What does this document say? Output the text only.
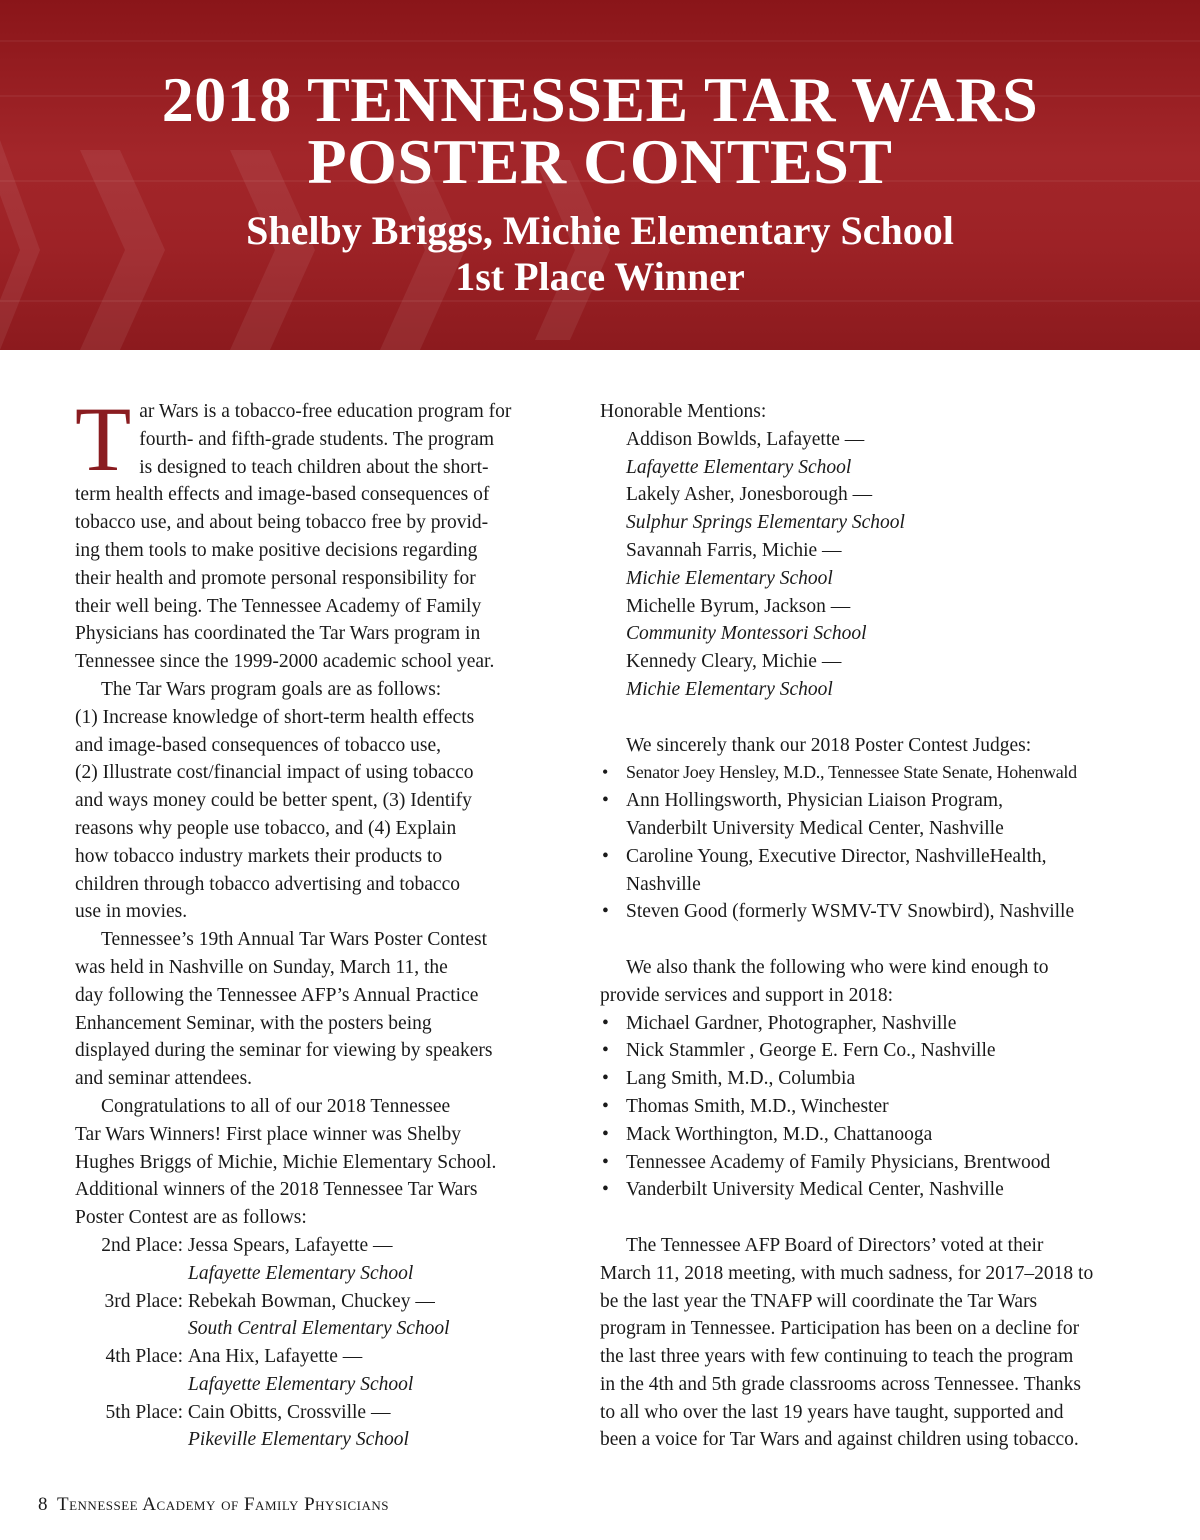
2018 TENNESSEE TAR WARS
POSTER CONTEST
Shelby Briggs, Michie Elementary School
1st Place Winner

T ar Wars is a tobacco-free education program for
fourth- and fifth-grade students. The program
is designed to teach children about the short-
term health effects and image-based consequences of
tobacco use, and about being tobacco free by provid-
ing them tools to make positive decisions regarding
their health and promote personal responsibility for
their well being. The Tennessee Academy of Family
Physicians has coordinated the Tar Wars program in
Tennessee since the 1999-2000 academic school year.

The Tar Wars program goals are as follows:
(1) Increase knowledge of short-term health effects
and image-based consequences of tobacco use,
(2) Illustrate cost/financial impact of using tobacco
and ways money could be better spent, (3) Identify
reasons why people use tobacco, and (4) Explain
how tobacco industry markets their products to
children through tobacco advertising and tobacco
use in movies.

Tennessee’s 19th Annual Tar Wars Poster Contest
was held in Nashville on Sunday, March 11, the
day following the Tennessee AFP’s Annual Practice
Enhancement Seminar, with the posters being
displayed during the seminar for viewing by speakers
and seminar attendees.

Congratulations to all of our 2018 Tennessee
Tar Wars Winners! First place winner was Shelby
Hughes Briggs of Michie, Michie Elementary School.
Additional winners of the 2018 Tennessee Tar Wars
Poster Contest are as follows:

2nd Place: Jessa Spears, Lafayette —
Lafayette Elementary School
3rd Place: Rebekah Bowman, Chuckey —
South Central Elementary School
4th Place: Ana Hix, Lafayette —
Lafayette Elementary School
5th Place: Cain Obitts, Crossville —
Pikeville Elementary School

Honorable Mentions:

Addison Bowlds, Lafayette —
Lafayette Elementary School
Lakely Asher, Jonesborough —
Sulphur Springs Elementary School
Savannah Farris, Michie —
Michie Elementary School
Michelle Byrum, Jackson —
Community Montessori School
Kennedy Cleary, Michie —
Michie Elementary School

We sincerely thank our 2018 Poster Contest Judges:

• Senator Joey Hensley, M.D., Tennessee State Senate, Hohenwald
• Ann Hollingsworth, Physician Liaison Program,
Vanderbilt University Medical Center, Nashville
• Caroline Young, Executive Director, NashvilleHealth,
Nashville
• Steven Good (formerly WSMV-TV Snowbird), Nashville

We also thank the following who were kind enough to
provide services and support in 2018:

• Michael Gardner, Photographer, Nashville
• Nick Stammler , George E. Fern Co., Nashville
• Lang Smith, M.D., Columbia
• Thomas Smith, M.D., Winchester
• Mack Worthington, M.D., Chattanooga
• Tennessee Academy of Family Physicians, Brentwood
• Vanderbilt University Medical Center, Nashville

The Tennessee AFP Board of Directors’ voted at their
March 11, 2018 meeting, with much sadness, for 2017–2018 to
be the last year the TNAFP will coordinate the Tar Wars
program in Tennessee. Participation has been on a decline for
the last three years with few continuing to teach the program
in the 4th and 5th grade classrooms across Tennessee. Thanks
to all who over the last 19 years have taught, supported and
been a voice for Tar Wars and against children using tobacco.

8 Tennessee Academy of Family Physicians
